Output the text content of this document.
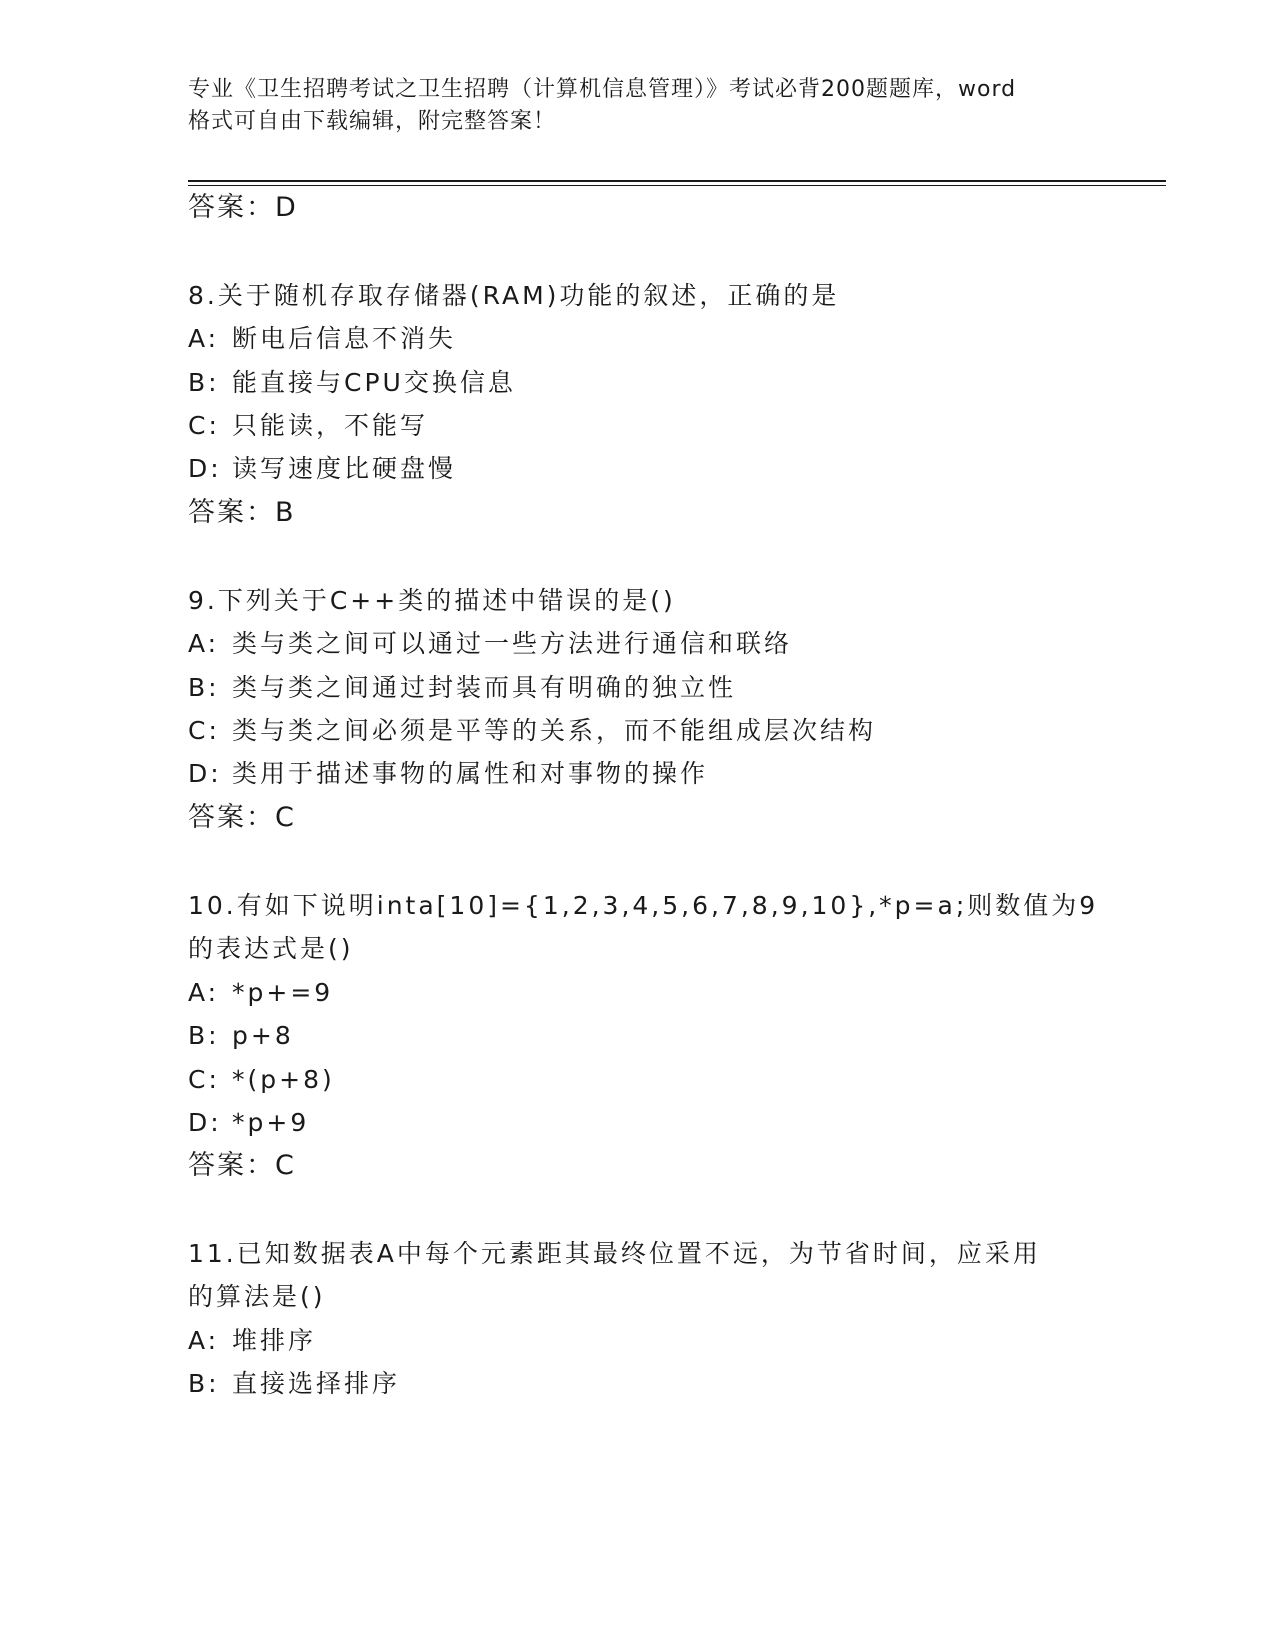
专业《卫生招聘考试之卫生招聘（计算机信息管理）》考试必背200题题库，word
格式可自由下载编辑，附完整答案！
答案：D
8.关于随机存取存储器(RAM)功能的叙述，正确的是
A: 断电后信息不消失
B: 能直接与CPU交换信息
C: 只能读，不能写
D: 读写速度比硬盘慢
答案：B
9.下列关于C++类的描述中错误的是()
A: 类与类之间可以通过一些方法进行通信和联络
B: 类与类之间通过封装而具有明确的独立性
C: 类与类之间必须是平等的关系，而不能组成层次结构
D: 类用于描述事物的属性和对事物的操作
答案：C
10.有如下说明inta[10]={1,2,3,4,5,6,7,8,9,10},*p=a;则数值为9
的表达式是()
A: *p+=9
B: p+8
C: *(p+8)
D: *p+9
答案：C
11.已知数据表A中每个元素距其最终位置不远，为节省时间，应采用
的算法是()
A: 堆排序
B: 直接选择排序
